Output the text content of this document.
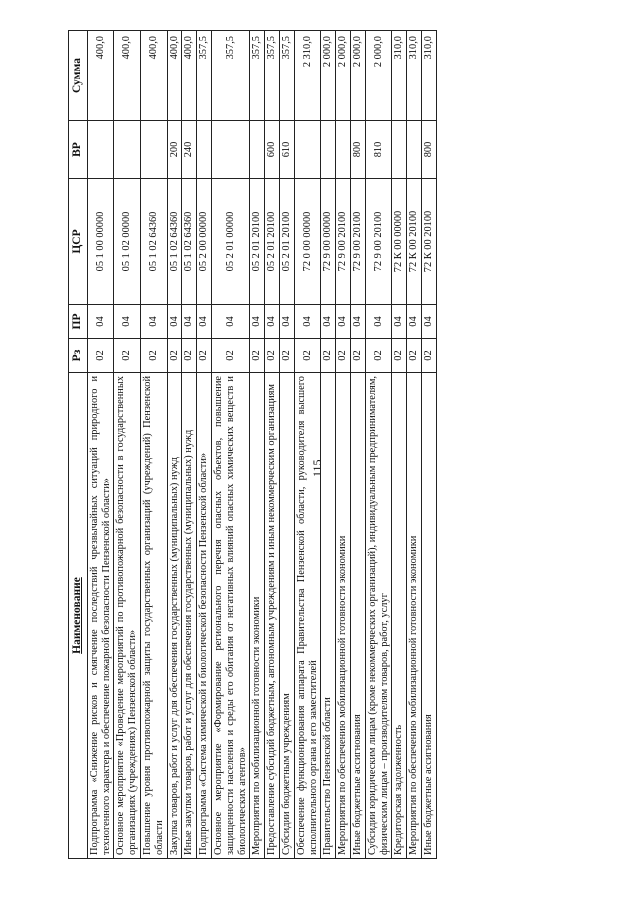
115
Наименование	Рз	ПР	ЦСР	ВР	Сумма
Подпрограмма «Снижение рисков и смягчение последствий чрезвычайных ситуаций природного и техногенного характера и обеспечение пожарной безопасности Пензенской области»	02	04	05 1 00 00000		400,0
Основное мероприятие «Проведение мероприятий по противопожарной безопасности в государственных организациях (учреждениях) Пензенской области»	02	04	05 1 02 00000		400,0
Повышение уровня противопожарной защиты государственных организаций (учреждений) Пензенской области	02	04	05 1 02 64360		400,0
Закупка товаров, работ и услуг для обеспечения государственных (муниципальных) нужд	02	04	05 1 02 64360	200	400,0
Иные закупки товаров, работ и услуг для обеспечения государственных (муниципальных) нужд	02	04	05 1 02 64360	240	400,0
Подпрограмма «Система химической и биологической безопасности Пензенской области»	02	04	05 2 00 00000		357,5
Основное мероприятие «Формирование регионального перечня опасных объектов, повышение защищенности населения и среды его обитания от негативных влияний опасных химических веществ и биологических агентов»	02	04	05 2 01 00000		357,5
Мероприятия по мобилизационной готовности экономики	02	04	05 2 01 20100		357,5
Предоставление субсидий бюджетным, автономным учреждениям и иным некоммерческим организациям	02	04	05 2 01 20100	600	357,5
Субсидии бюджетным учреждениям	02	04	05 2 01 20100	610	357,5
Обеспечение функционирования аппарата Правительства Пензенской области, руководителя высшего исполнительного органа и его заместителей	02	04	72 0 00 00000		2 310,0
Правительство Пензенской области	02	04	72 9 00 00000		2 000,0
Мероприятия по обеспечению мобилизационной готовности экономики	02	04	72 9 00 20100		2 000,0
Иные бюджетные ассигнования	02	04	72 9 00 20100	800	2 000,0
Субсидии юридическим лицам (кроме некоммерческих организаций), индивидуальным предпринимателям, физическим лицам – производителям товаров, работ, услуг	02	04	72 9 00 20100	810	2 000,0
Кредиторская задолженность	02	04	72 К 00 00000		310,0
Мероприятия по обеспечению мобилизационной готовности экономики	02	04	72 К 00 20100		310,0
Иные бюджетные ассигнования	02	04	72 К 00 20100	800	310,0
